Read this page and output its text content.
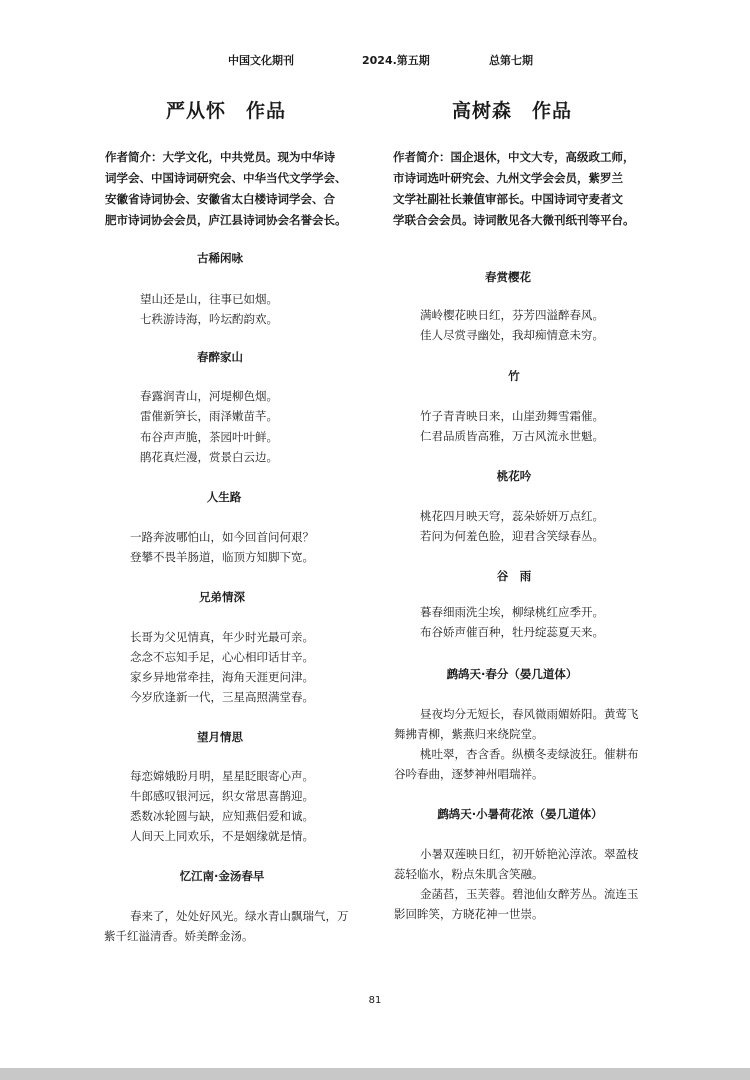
中国文化期刊	2024.第五期	总第七期
严从怀　作品
作者简介：大学文化，中共党员。现为中华诗
词学会、中国诗词研究会、中华当代文学学会、
安徽省诗词协会、安徽省太白楼诗词学会、合
肥市诗词协会会员，庐江县诗词协会名誉会长。
古稀闲咏
望山还是山，往事已如烟。
七秩游诗海，吟坛酌韵欢。
春醉家山
春露润青山，河堤柳色烟。
雷催新笋长，雨泽嫩苗芊。
布谷声声脆，茶园叶叶鲜。
鹃花真烂漫，赏景白云边。
人生路
一路奔波哪怕山，如今回首问何艰？
登攀不畏羊肠道，临顶方知脚下宽。
兄弟情深
长哥为父见情真，年少时光最可亲。
念念不忘知手足，心心相印话甘辛。
家乡异地常牵挂，海角天涯更问津。
今岁欣逢新一代，三星高照满堂春。
望月情思
每恋嫦娥盼月明，星星眨眼寄心声。
牛郎感叹银河远，织女常思喜鹊迎。
悉数冰轮圆与缺，应知燕侣爱和诚。
人间天上同欢乐，不是姻缘就是情。
忆江南·金汤春早
春来了，处处好风光。绿水青山飘瑞气，万
紫千红溢清香。娇美醉金汤。
高树森　作品
作者简介：国企退休，中文大专，高级政工师，
市诗词选叶研究会、九州文学会会员，紫罗兰
文学社副社长兼值审部长。中国诗词守麦者文
学联合会会员。诗词散见各大微刊纸刊等平台。
春赏樱花
满岭樱花映日红，芬芳四溢醉春风。
佳人尽赏寻幽处，我却痴情意未穷。
竹
竹子青青映日来，山崖劲舞雪霜催。
仁君品质皆高雅，万古风流永世魁。
桃花吟
桃花四月映天穹，蕊朵娇妍万点红。
若问为何羞色脸，迎君含笑绿春丛。
谷　雨
暮春细雨洗尘埃，柳绿桃红应季开。
布谷娇声催百种，牡丹绽蕊夏天来。
鹧鸪天·春分（晏几道体）
昼夜均分无短长，春风微雨媚娇阳。黄莺飞
舞拂青柳，紫燕归来绕院堂。
桃吐翠，杏含香。纵横冬麦绿波狂。催耕布
谷吟春曲，逐梦神州唱瑞祥。
鹧鸪天·小暑荷花浓（晏几道体）
小暑双莲映日红，初开娇艳沁淳浓。翠盈枝
蕊轻临水，粉点朱肌含笑融。
金菡萏，玉芙蓉。碧池仙女醉芳丛。流连玉
影回眸笑，方晓花神一世崇。
81
